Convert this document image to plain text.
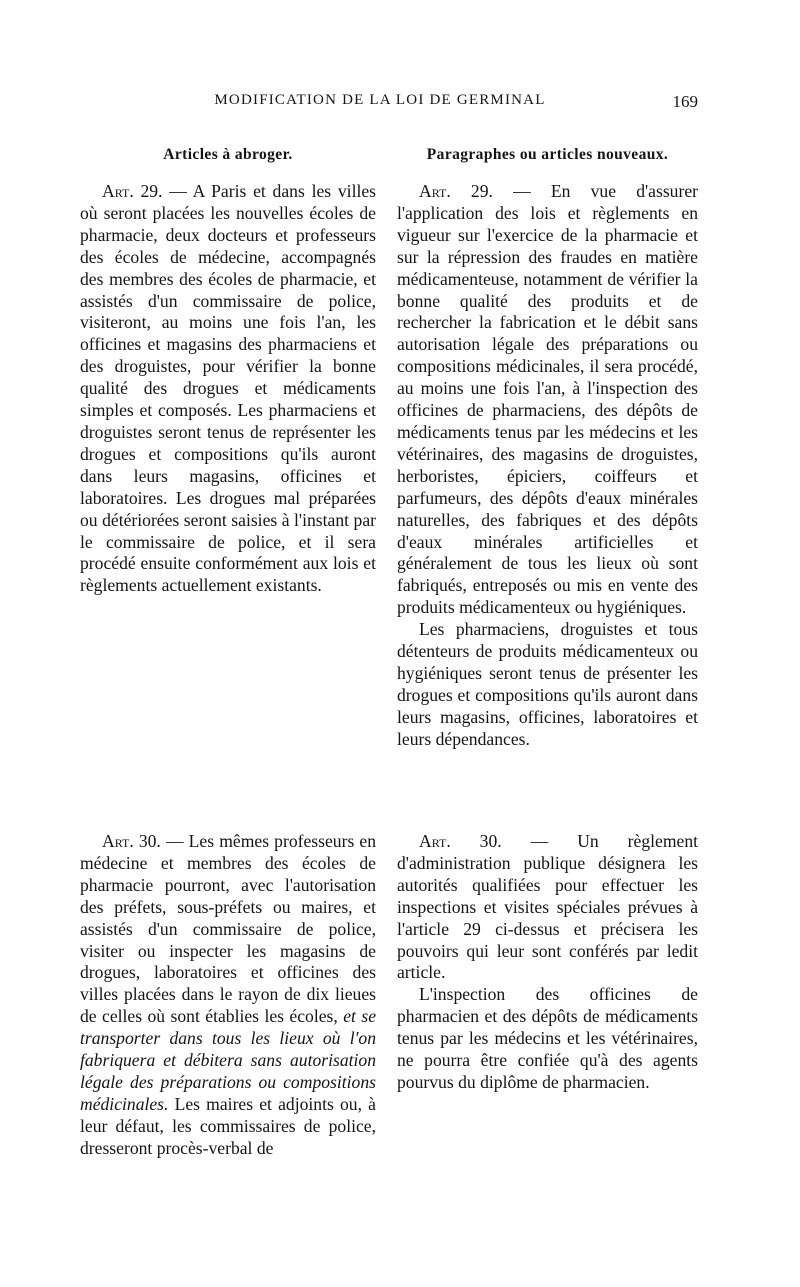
MODIFICATION DE LA LOI DE GERMINAL	169
Articles à abroger.	Paragraphes ou articles nouveaux.

Art. 29. — A Paris et dans les villes où seront placées les nouvelles écoles de pharmacie, deux docteurs et professeurs des écoles de médecine, accompagnés des membres des écoles de pharmacie, et assistés d'un commissaire de police, visiteront, au moins une fois l'an, les officines et magasins des pharmaciens et des droguistes, pour vérifier la bonne qualité des drogues et médicaments simples et composés. Les pharmaciens et droguistes seront tenus de représenter les drogues et compositions qu'ils auront dans leurs magasins, officines et laboratoires. Les drogues mal préparées ou détériorées seront saisies à l'instant par le commissaire de police, et il sera procédé ensuite conformément aux lois et règlements actuellement existants.

Art. 29. — En vue d'assurer l'application des lois et règlements en vigueur sur l'exercice de la pharmacie et sur la répression des fraudes en matière médicamenteuse, notamment de vérifier la bonne qualité des produits et de rechercher la fabrication et le débit sans autorisation légale des préparations ou compositions médicinales, il sera procédé, au moins une fois l'an, à l'inspection des officines de pharmaciens, des dépôts de médicaments tenus par les médecins et les vétérinaires, des magasins de droguistes, herboristes, épiciers, coiffeurs et parfumeurs, des dépôts d'eaux minérales naturelles, des fabriques et des dépôts d'eaux minérales artificielles et généralement de tous les lieux où sont fabriqués, entreposés ou mis en vente des produits médicamenteux ou hygiéniques.

Les pharmaciens, droguistes et tous détenteurs de produits médicamenteux ou hygiéniques seront tenus de présenter les drogues et compositions qu'ils auront dans leurs magasins, officines, laboratoires et leurs dépendances.

Art. 30. — Les mêmes professeurs en médecine et membres des écoles de pharmacie pourront, avec l'autorisation des préfets, sous-préfets ou maires, et assistés d'un commissaire de police, visiter ou inspecter les magasins de drogues, laboratoires et officines des villes placées dans le rayon de dix lieues de celles où sont établies les écoles, et se transporter dans tous les lieux où l'on fabriquera et débitera sans autorisation légale des préparations ou compositions médicinales. Les maires et adjoints ou, à leur défaut, les commissaires de police, dresseront procès-verbal de

Art. 30. — Un règlement d'administration publique désignera les autorités qualifiées pour effectuer les inspections et visites spéciales prévues à l'article 29 ci-dessus et précisera les pouvoirs qui leur sont conférés par ledit article.

L'inspection des officines de pharmacien et des dépôts de médicaments tenus par les médecins et les vétérinaires, ne pourra être confiée qu'à des agents pourvus du diplôme de pharmacien.
